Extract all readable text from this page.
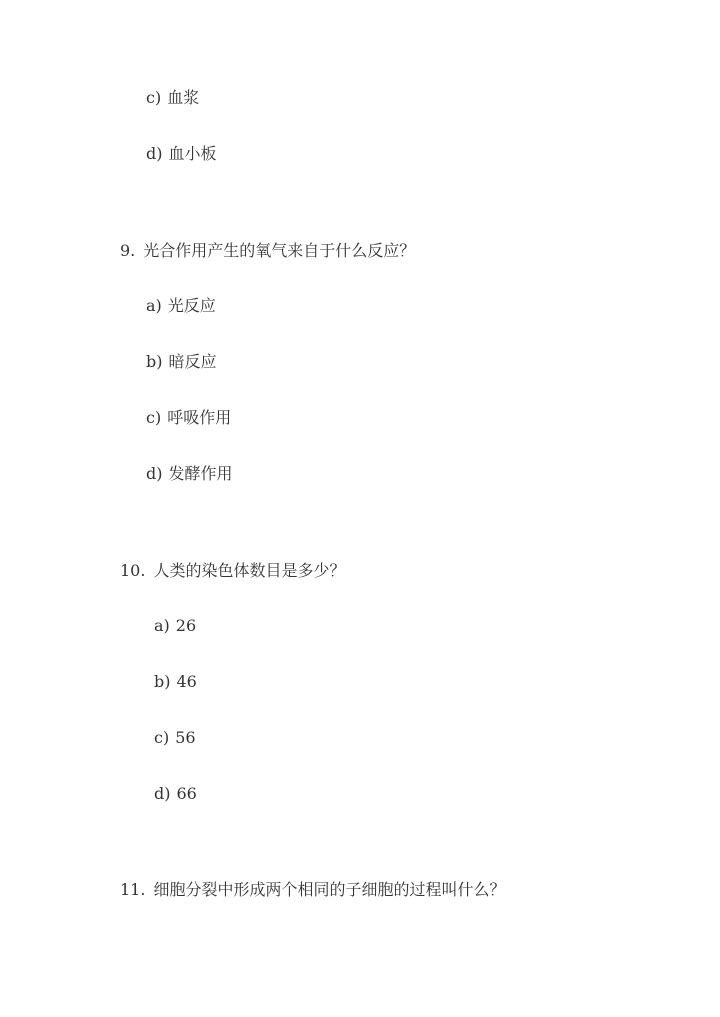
c) 血浆
d) 血小板
9. 光合作用产生的氧气来自于什么反应？
a) 光反应
b) 暗反应
c) 呼吸作用
d) 发酵作用
10. 人类的染色体数目是多少？
a) 26
b) 46
c) 56
d) 66
11. 细胞分裂中形成两个相同的子细胞的过程叫什么？
